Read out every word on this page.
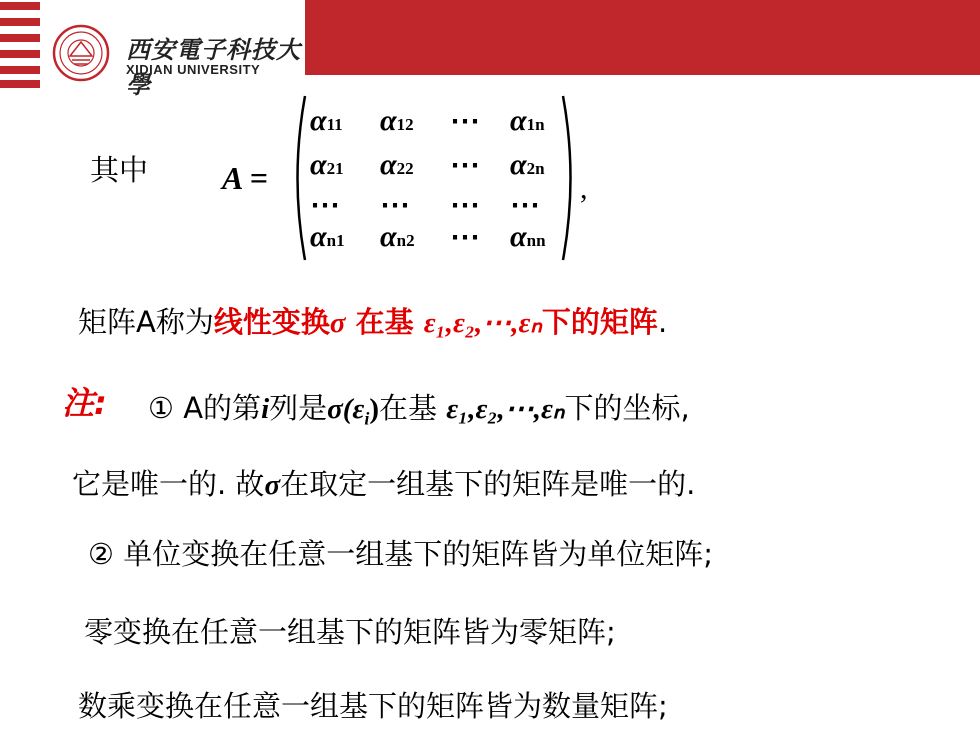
西安電子科技大學
XIDIAN UNIVERSITY
其中 A =
α11 α12 ⋯ α1n
α21 α22 ⋯ α2n
⋯ ⋯ ⋯ ⋯
αn1 αn2 ⋯ αnn
,
矩阵A称为线性变换σ 在基 ε₁,ε₂,⋯,εₙ下的矩阵.
注: ① A的第i列是$\sigma(\varepsilon_i)$在基 ε₁,ε₂,⋯,εₙ下的坐标,
它是唯一的. 故σ在取定一组基下的矩阵是唯一的.
② 单位变换在任意一组基下的矩阵皆为单位矩阵;
零变换在任意一组基下的矩阵皆为零矩阵;
数乘变换在任意一组基下的矩阵皆为数量矩阵;
